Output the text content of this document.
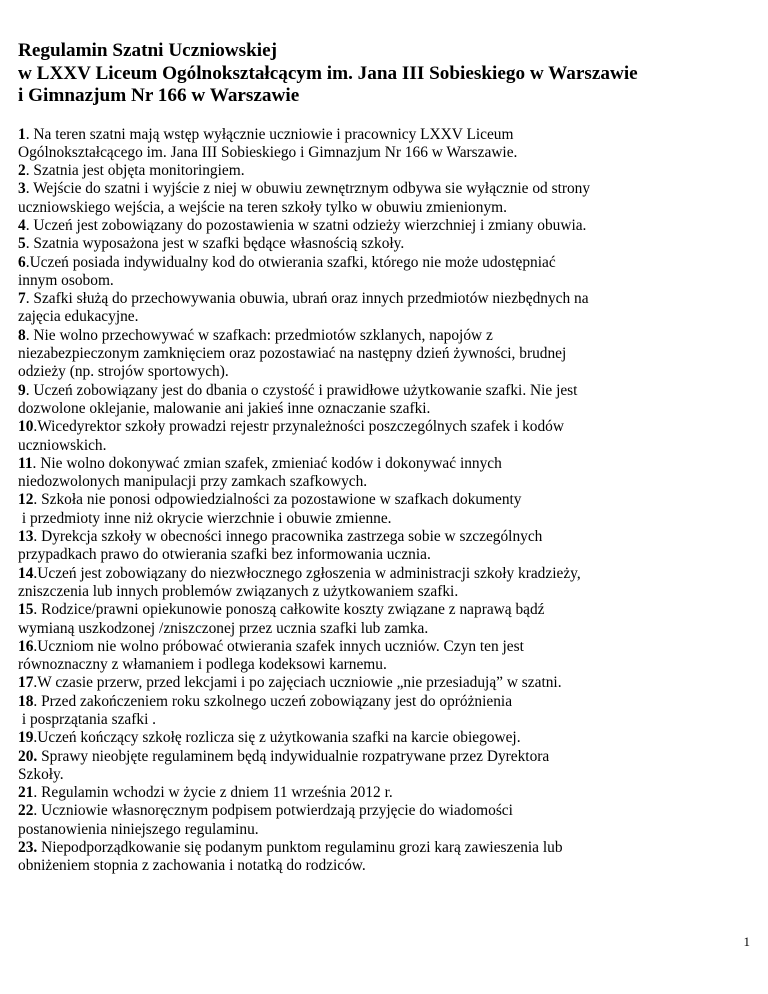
Regulamin Szatni Uczniowskiej
w LXXV Liceum Ogólnokształcącym im. Jana III Sobieskiego w Warszawie
i Gimnazjum Nr 166 w Warszawie
1. Na teren szatni mają wstęp wyłącznie uczniowie i pracownicy LXXV Liceum
Ogólnokształcącego im. Jana III Sobieskiego i Gimnazjum Nr 166 w Warszawie.
2. Szatnia jest objęta monitoringiem.
3. Wejście do szatni i wyjście z niej w obuwiu zewnętrznym odbywa sie wyłącznie od strony
uczniowskiego wejścia, a wejście na teren szkoły tylko w obuwiu zmienionym.
4. Uczeń jest zobowiązany do pozostawienia w szatni odzieży wierzchniej i zmiany obuwia.
5. Szatnia wyposażona jest w szafki będące własnością szkoły.
6.Uczeń posiada indywidualny kod do otwierania szafki, którego nie może udostępniać
innym osobom.
7. Szafki służą do przechowywania obuwia, ubrań oraz innych przedmiotów niezbędnych na
zajęcia edukacyjne.
8. Nie wolno przechowywać w szafkach: przedmiotów szklanych, napojów z
niezabezpieczonym zamknięciem oraz pozostawiać na następny dzień żywności, brudnej
odzieży (np. strojów sportowych).
9. Uczeń zobowiązany jest do dbania o czystość i prawidłowe użytkowanie szafki. Nie jest
dozwolone oklejanie, malowanie ani jakieś inne oznaczanie szafki.
10.Wicedyrektor szkoły prowadzi rejestr przynależności poszczególnych szafek i kodów
uczniowskich.
11. Nie wolno dokonywać zmian szafek, zmieniać kodów i dokonywać innych
niedozwolonych manipulacji przy zamkach szafkowych.
12. Szkoła nie ponosi odpowiedzialności za pozostawione w szafkach dokumenty
i przedmioty inne niż okrycie wierzchnie i obuwie zmienne.
13. Dyrekcja szkoły w obecności innego pracownika zastrzega sobie w szczególnych
przypadkach prawo do otwierania szafki bez informowania ucznia.
14.Uczeń jest zobowiązany do niezwłocznego zgłoszenia w administracji szkoły kradzieży,
zniszczenia lub innych problemów związanych z użytkowaniem szafki.
15. Rodzice/prawni opiekunowie ponoszą całkowite koszty związane z naprawą bądź
wymianą uszkodzonej /zniszczonej przez ucznia szafki lub zamka.
16.Uczniom nie wolno próbować otwierania szafek innych uczniów. Czyn ten jest
równoznaczny z włamaniem i podlega kodeksowi karnemu.
17.W czasie przerw, przed lekcjami i po zajęciach uczniowie „nie przesiadują” w szatni.
18. Przed zakończeniem roku szkolnego uczeń zobowiązany jest do opróżnienia
i posprzątania szafki .
19.Uczeń kończący szkołę rozlicza się z użytkowania szafki na karcie obiegowej.
20. Sprawy nieobjęte regulaminem będą indywidualnie rozpatrywane przez Dyrektora
Szkoły.
21. Regulamin wchodzi w życie z dniem 11 września 2012 r.
22. Uczniowie własnoręcznym podpisem potwierdzają przyjęcie do wiadomości
postanowienia niniejszego regulaminu.
23. Niepodporządkowanie się podanym punktom regulaminu grozi karą zawieszenia lub
obniżeniem stopnia z zachowania i notatką do rodziców.
1
